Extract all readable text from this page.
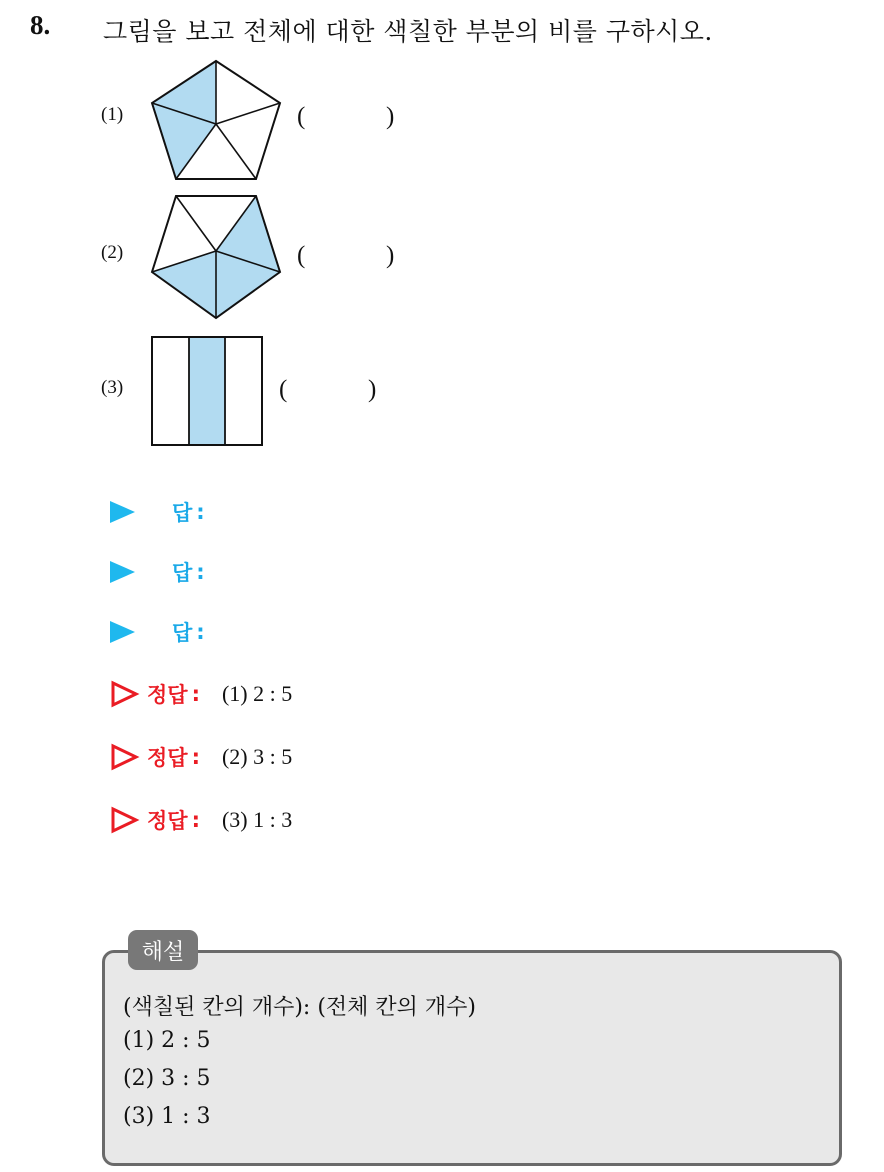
8. 그림을 보고 전체에 대한 색칠한 부분의 비를 구하시오.
(1)	(	)
(2)	(	)
(3)	(	)
답 :
답 :
답 :
정답 : (1) 2 : 5
정답 : (2) 3 : 5
정답 : (3) 1 : 3
해설
(색칠된 칸의 개수): (전체 칸의 개수)
(1) 2 : 5
(2) 3 : 5
(3) 1 : 3
